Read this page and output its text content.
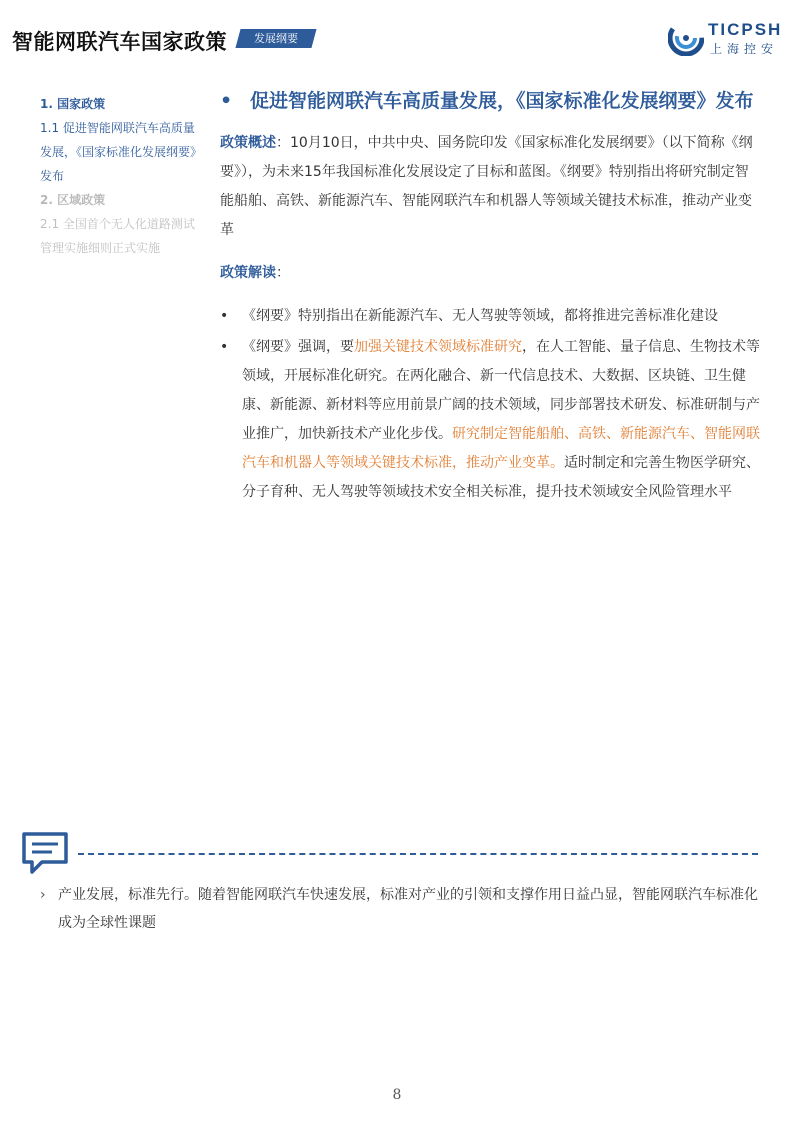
智能网联汽车国家政策	发展纲要	TICPSH
上海控安
1. 国家政策
1.1 促进智能网联汽车高质量发展，《国家标准化发展纲要》发布
2. 区域政策
2.1 全国首个无人化道路测试管理实施细则正式实施
• 促进智能网联汽车高质量发展，《国家标准化发展纲要》发布
政策概述：10月10日，中共中央、国务院印发《国家标准化发展纲要》（以下简称《纲要》），为未来15年我国标准化发展设定了目标和蓝图。《纲要》特别指出将研究制定智能船舶、高铁、新能源汽车、智能网联汽车和机器人等领域关键技术标准，推动产业变革
政策解读：
• 《纲要》特别指出在新能源汽车、无人驾驶等领域，都将推进完善标准化建设
• 《纲要》强调，要加强关键技术领域标准研究，在人工智能、量子信息、生物技术等领域，开展标准化研究。在两化融合、新一代信息技术、大数据、区块链、卫生健康、新能源、新材料等应用前景广阔的技术领域，同步部署技术研发、标准研制与产业推广，加快新技术产业化步伐。研究制定智能船舶、高铁、新能源汽车、智能网联汽车和机器人等领域关键技术标准，推动产业变革。适时制定和完善生物医学研究、分子育种、无人驾驶等领域技术安全相关标准，提升技术领域安全风险管理水平
› 产业发展，标准先行。随着智能网联汽车快速发展，标准对产业的引领和支撑作用日益凸显，智能网联汽车标准化成为全球性课题
8
